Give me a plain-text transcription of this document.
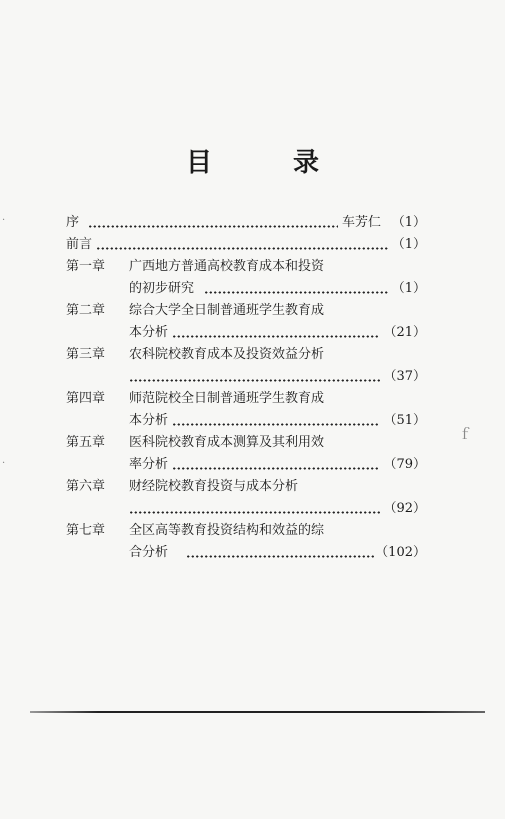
目 录
序	车芳仁 （1）
前言	（1）
第一章 广西地方普通高校教育成本和投资
的初步研究	（1）
第二章 综合大学全日制普通班学生教育成
本分析	（21）
第三章 农科院校教育成本及投资效益分析
（37）
第四章 师范院校全日制普通班学生教育成
本分析	（51）
第五章 医科院校教育成本测算及其利用效
率分析	（79）
第六章 财经院校教育投资与成本分析
（92）
第七章 全区高等教育投资结构和效益的综
合分析	（102）
ｆ
·
·
